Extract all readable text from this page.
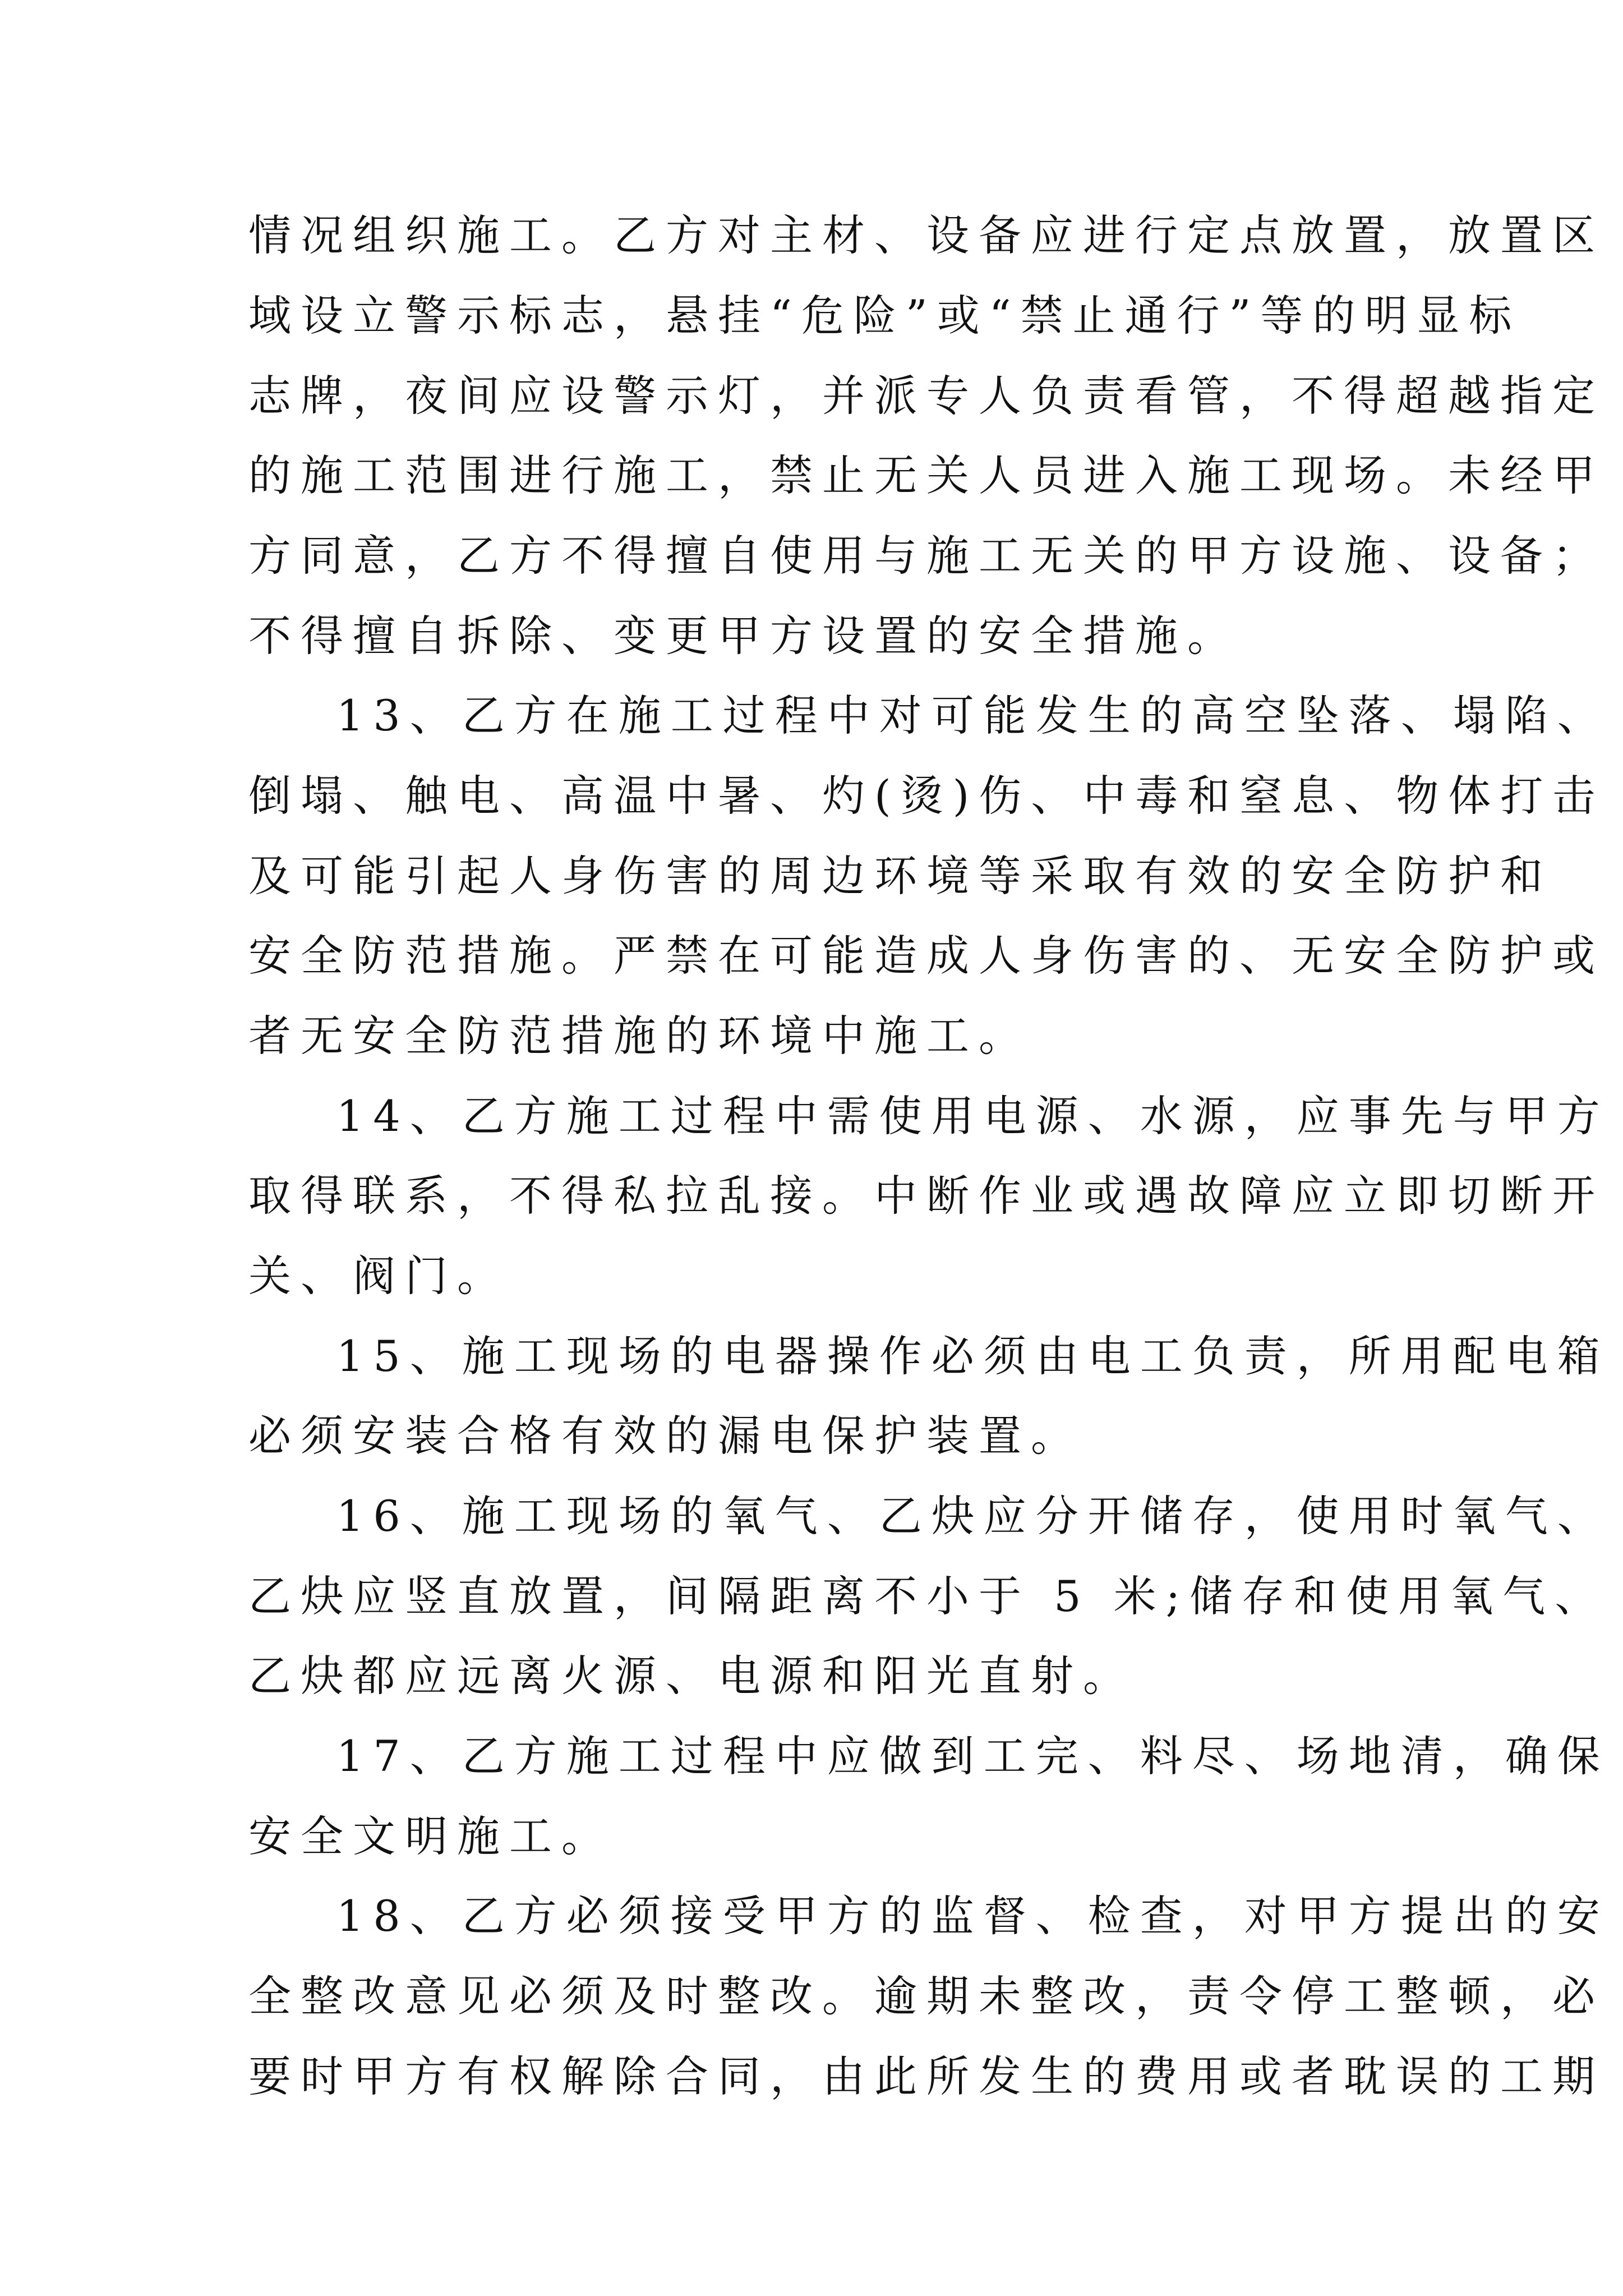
情况组织施工。乙方对主材、设备应进行定点放置，放置区

域设立警示标志，悬挂“危险”或“禁止通行”等的明显标

志牌，夜间应设警示灯，并派专人负责看管，不得超越指定

的施工范围进行施工，禁止无关人员进入施工现场。未经甲

方同意，乙方不得擅自使用与施工无关的甲方设施、设备；

不得擅自拆除、变更甲方设置的安全措施。

13、乙方在施工过程中对可能发生的高空坠落、塌陷、

倒塌、触电、高温中暑、灼(烫)伤、中毒和窒息、物体打击

及可能引起人身伤害的周边环境等采取有效的安全防护和

安全防范措施。严禁在可能造成人身伤害的、无安全防护或

者无安全防范措施的环境中施工。

14、乙方施工过程中需使用电源、水源，应事先与甲方

取得联系，不得私拉乱接。中断作业或遇故障应立即切断开

关、阀门。

15、施工现场的电器操作必须由电工负责，所用配电箱

必须安装合格有效的漏电保护装置。

16、施工现场的氧气、乙炔应分开储存，使用时氧气、

乙炔应竖直放置，间隔距离不小于 5 米;储存和使用氧气、

乙炔都应远离火源、电源和阳光直射。

17、乙方施工过程中应做到工完、料尽、场地清，确保

安全文明施工。

18、乙方必须接受甲方的监督、检查，对甲方提出的安

全整改意见必须及时整改。逾期未整改，责令停工整顿，必

要时甲方有权解除合同，由此所发生的费用或者耽误的工期
